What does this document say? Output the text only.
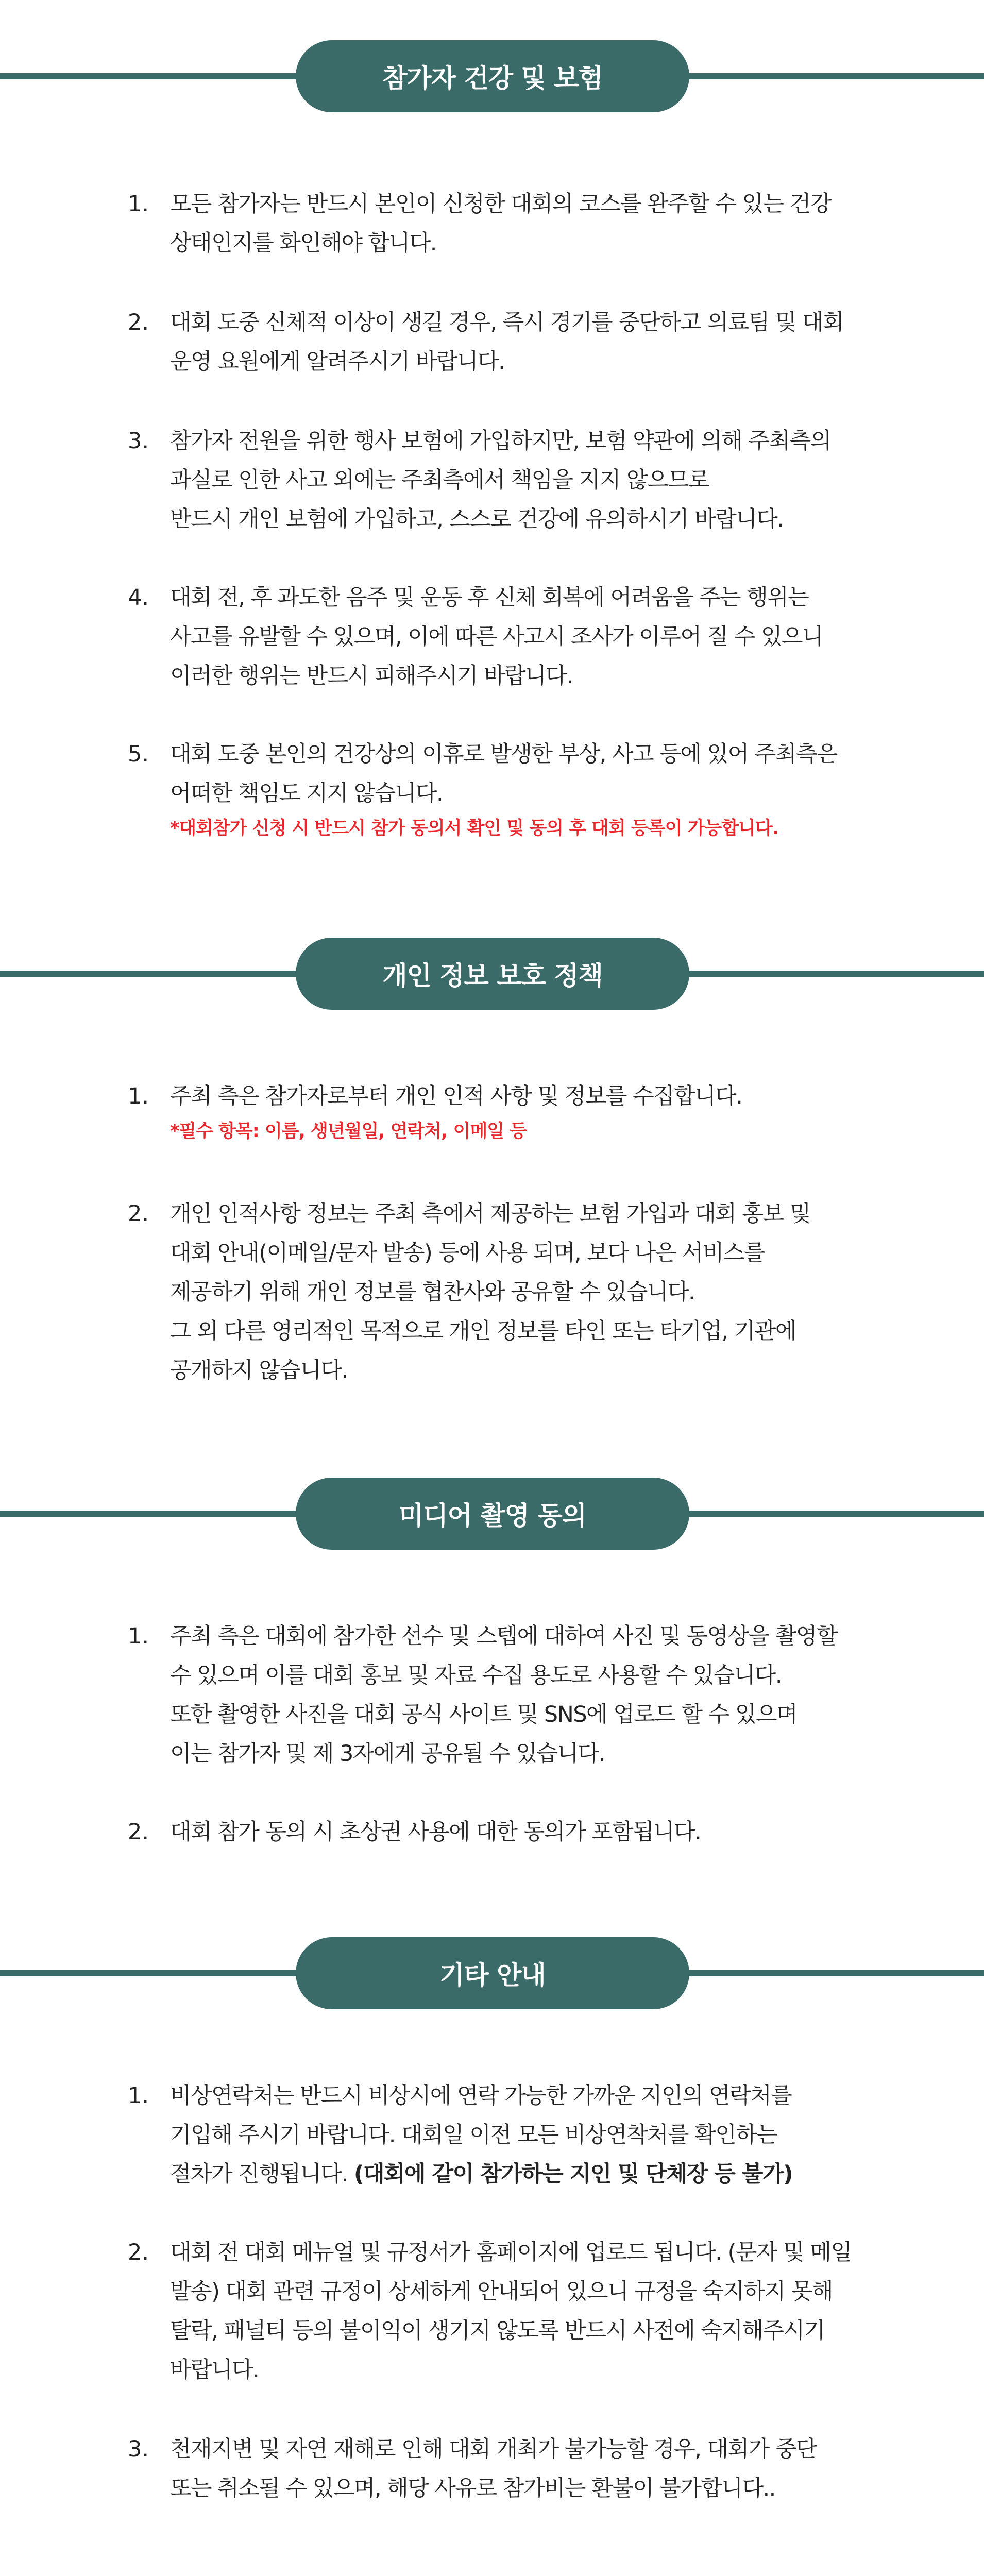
참가자 건강 및 보험
1. 모든 참가자는 반드시 본인이 신청한 대회의 코스를 완주할 수 있는 건강
상태인지를 화인해야 합니다.
2. 대회 도중 신체적 이상이 생길 경우, 즉시 경기를 중단하고 의료팀 및 대회
운영 요원에게 알려주시기 바랍니다.
3. 참가자 전원을 위한 행사 보험에 가입하지만, 보험 약관에 의해 주최측의
과실로 인한 사고 외에는 주최측에서 책임을 지지 않으므로
반드시 개인 보험에 가입하고, 스스로 건강에 유의하시기 바랍니다.
4. 대회 전, 후 과도한 음주 및 운동 후 신체 회복에 어려움을 주는 행위는
사고를 유발할 수 있으며, 이에 따른 사고시 조사가 이루어 질 수 있으니
이러한 행위는 반드시 피해주시기 바랍니다.
5. 대회 도중 본인의 건강상의 이휴로 발생한 부상, 사고 등에 있어 주최측은
어떠한 책임도 지지 않습니다.
*대회참가 신청 시 반드시 참가 동의서 확인 및 동의 후 대회 등록이 가능합니다.
개인 정보 보호 정책
1. 주최 측은 참가자로부터 개인 인적 사항 및 정보를 수집합니다.
*필수 항목: 이름, 생년월일, 연락처, 이메일 등
2. 개인 인적사항 정보는 주최 측에서 제공하는 보험 가입과 대회 홍보 및
대회 안내(이메일/문자 발송) 등에 사용 되며, 보다 나은 서비스를
제공하기 위해 개인 정보를 협찬사와 공유할 수 있습니다.
그 외 다른 영리적인 목적으로 개인 정보를 타인 또는 타기업, 기관에
공개하지 않습니다.
미디어 촬영 동의
1. 주최 측은 대회에 참가한 선수 및 스텝에 대하여 사진 및 동영상을 촬영할
수 있으며 이를 대회 홍보 및 자료 수집 용도로 사용할 수 있습니다.
또한 촬영한 사진을 대회 공식 사이트 및 SNS에 업로드 할 수 있으며
이는 참가자 및 제 3자에게 공유될 수 있습니다.
2. 대회 참가 동의 시 초상권 사용에 대한 동의가 포함됩니다.
기타 안내
1. 비상연락처는 반드시 비상시에 연락 가능한 가까운 지인의 연락처를
기입해 주시기 바랍니다. 대회일 이전 모든 비상연착처를 확인하는
절차가 진행됩니다. (대회에 같이 참가하는 지인 및 단체장 등 불가)
2. 대회 전 대회 메뉴얼 및 규정서가 홈페이지에 업로드 됩니다. (문자 및 메일
발송) 대회 관련 규정이 상세하게 안내되어 있으니 규정을 숙지하지 못해
탈락, 패널티 등의 불이익이 생기지 않도록 반드시 사전에 숙지해주시기
바랍니다.
3. 천재지변 및 자연 재해로 인해 대회 개최가 불가능할 경우, 대회가 중단
또는 취소될 수 있으며, 해당 사유로 참가비는 환불이 불가합니다..
